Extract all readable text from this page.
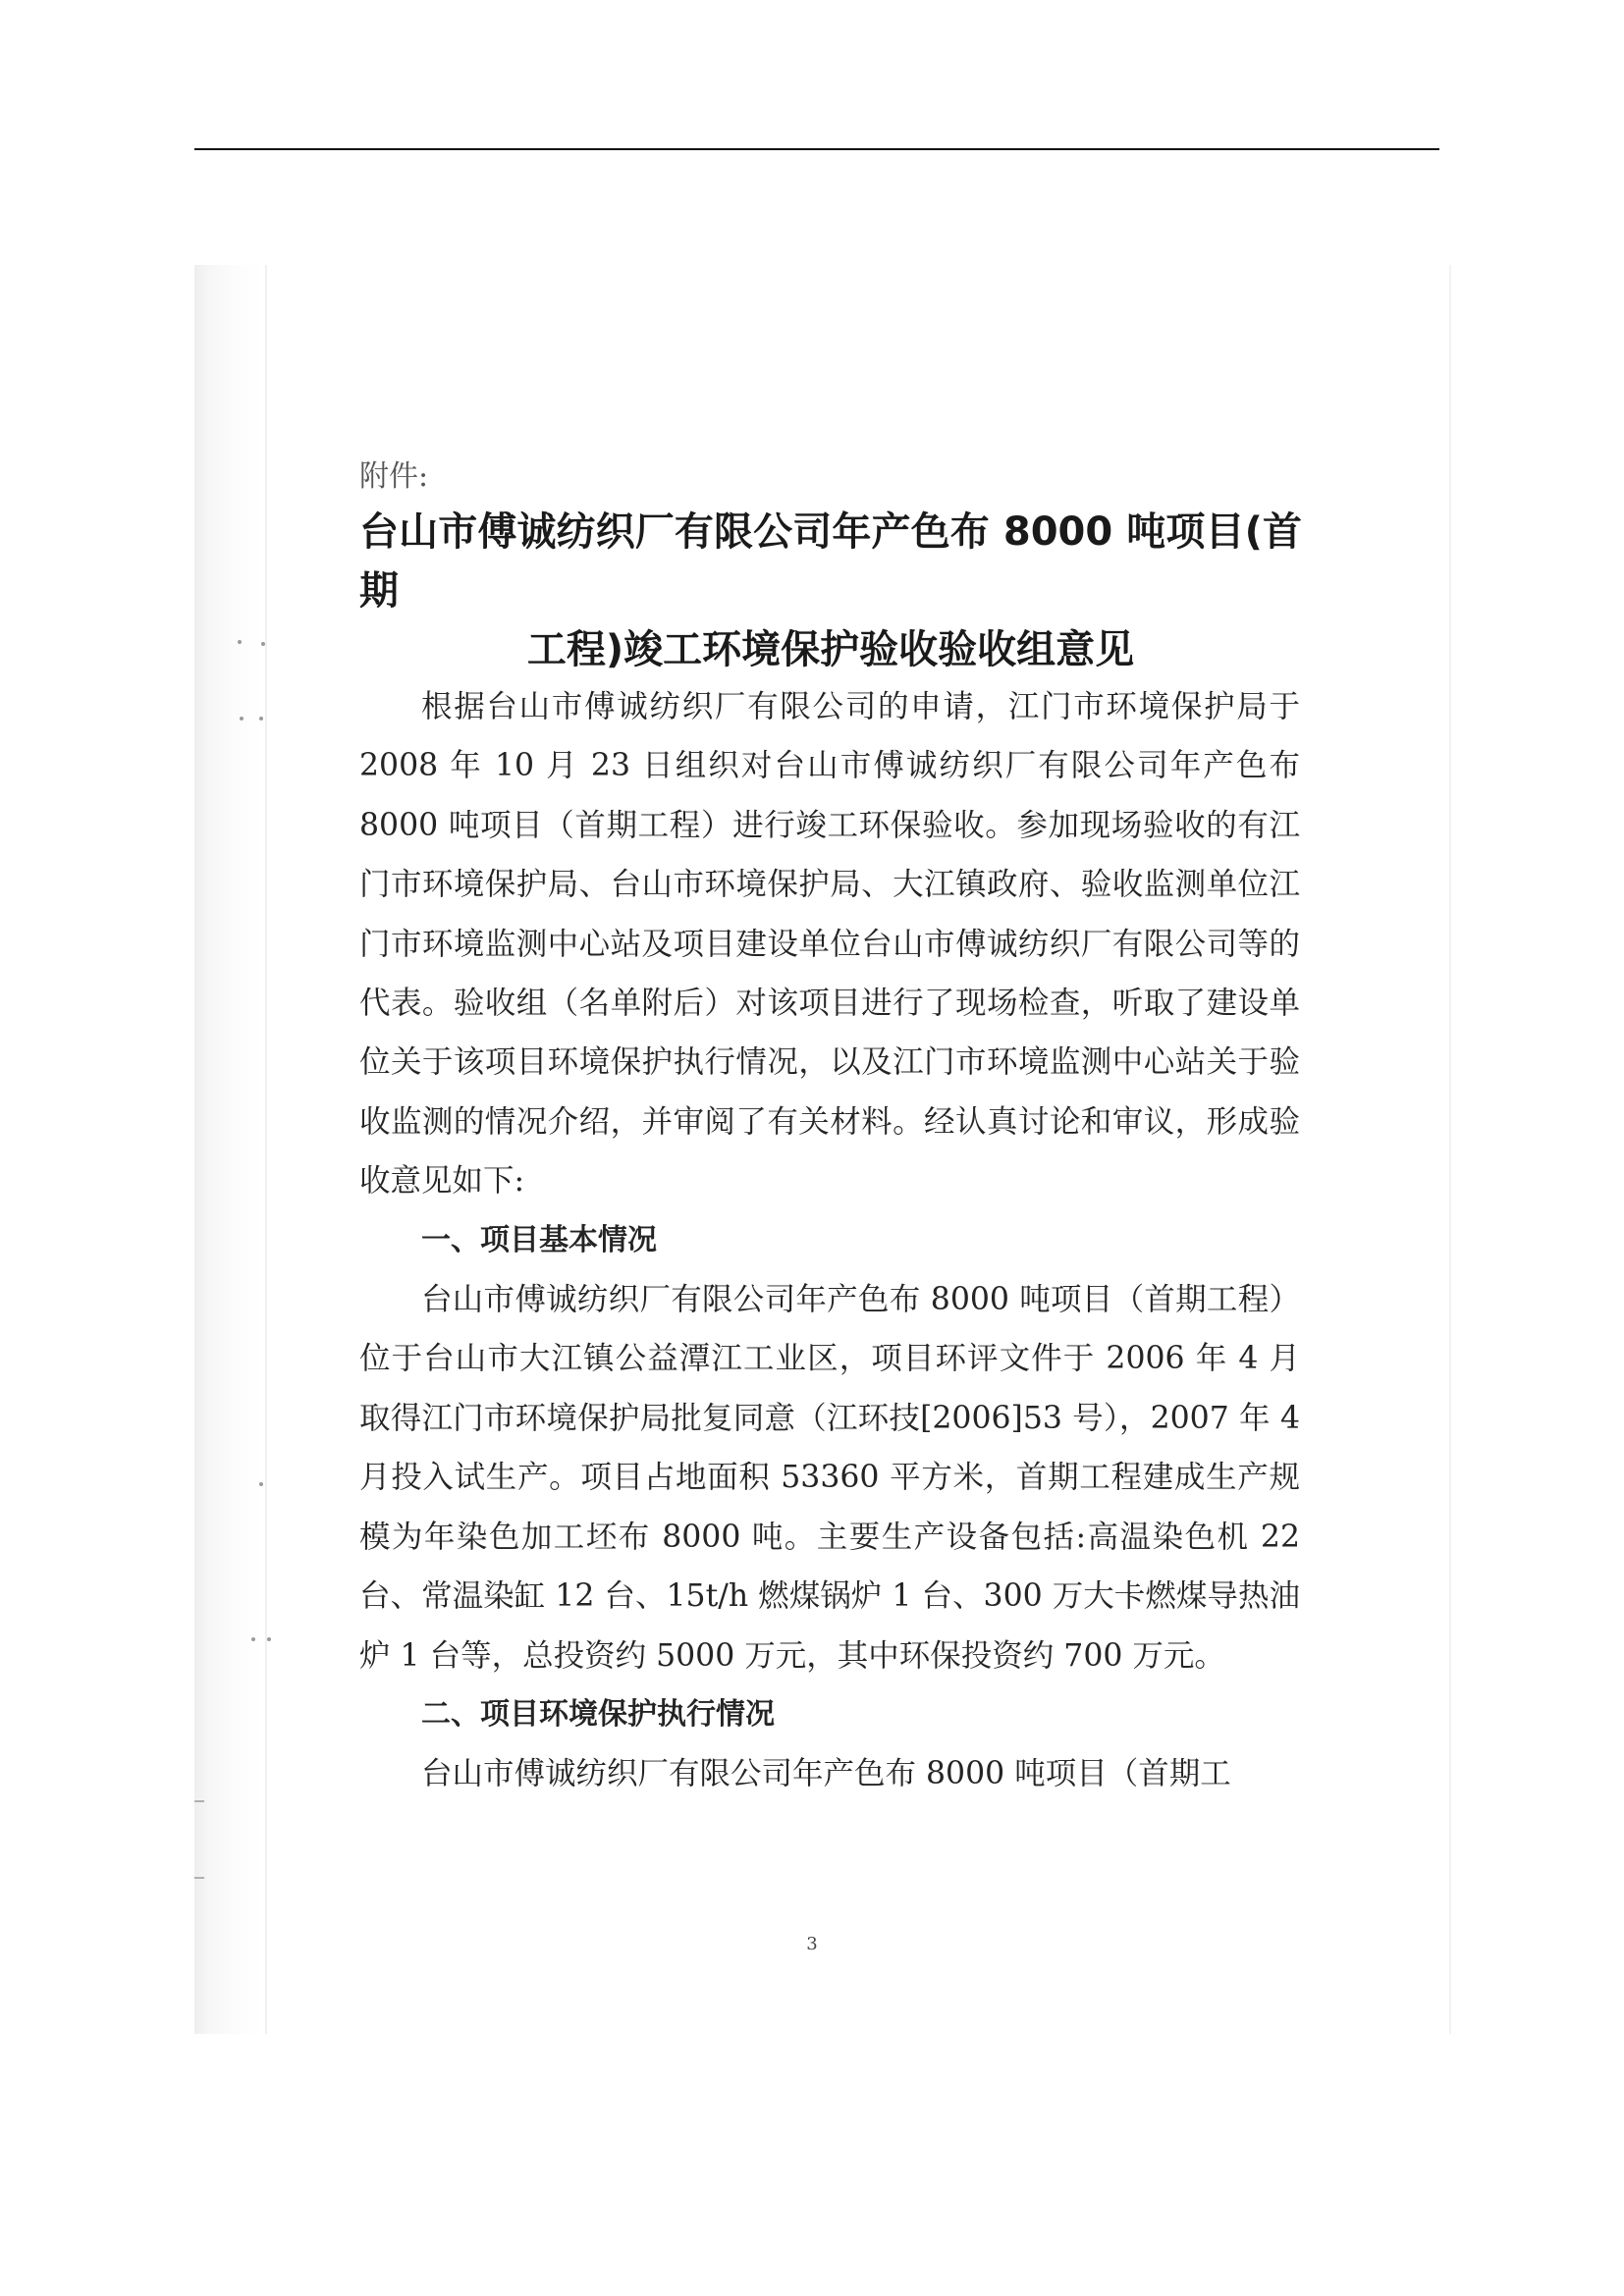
附件:

台山市傅诚纺织厂有限公司年产色布 8000 吨项目(首期
工程)竣工环境保护验收验收组意见

根据台山市傅诚纺织厂有限公司的申请，江门市环境保护局于 2008 年 10 月 23 日组织对台山市傅诚纺织厂有限公司年产色布 8000 吨项目（首期工程）进行竣工环保验收。参加现场验收的有江门市环境保护局、台山市环境保护局、大江镇政府、验收监测单位江门市环境监测中心站及项目建设单位台山市傅诚纺织厂有限公司等的代表。验收组（名单附后）对该项目进行了现场检查，听取了建设单位关于该项目环境保护执行情况，以及江门市环境监测中心站关于验收监测的情况介绍，并审阅了有关材料。经认真讨论和审议，形成验收意见如下:

一、项目基本情况

台山市傅诚纺织厂有限公司年产色布 8000 吨项目（首期工程）位于台山市大江镇公益潭江工业区，项目环评文件于 2006 年 4 月取得江门市环境保护局批复同意（江环技[2006]53 号），2007 年 4 月投入试生产。项目占地面积 53360 平方米，首期工程建成生产规模为年染色加工坯布 8000 吨。主要生产设备包括:高温染色机 22 台、常温染缸 12 台、15t/h 燃煤锅炉 1 台、300 万大卡燃煤导热油炉 1 台等，总投资约 5000 万元，其中环保投资约 700 万元。

二、项目环境保护执行情况

台山市傅诚纺织厂有限公司年产色布 8000 吨项目（首期工

3
